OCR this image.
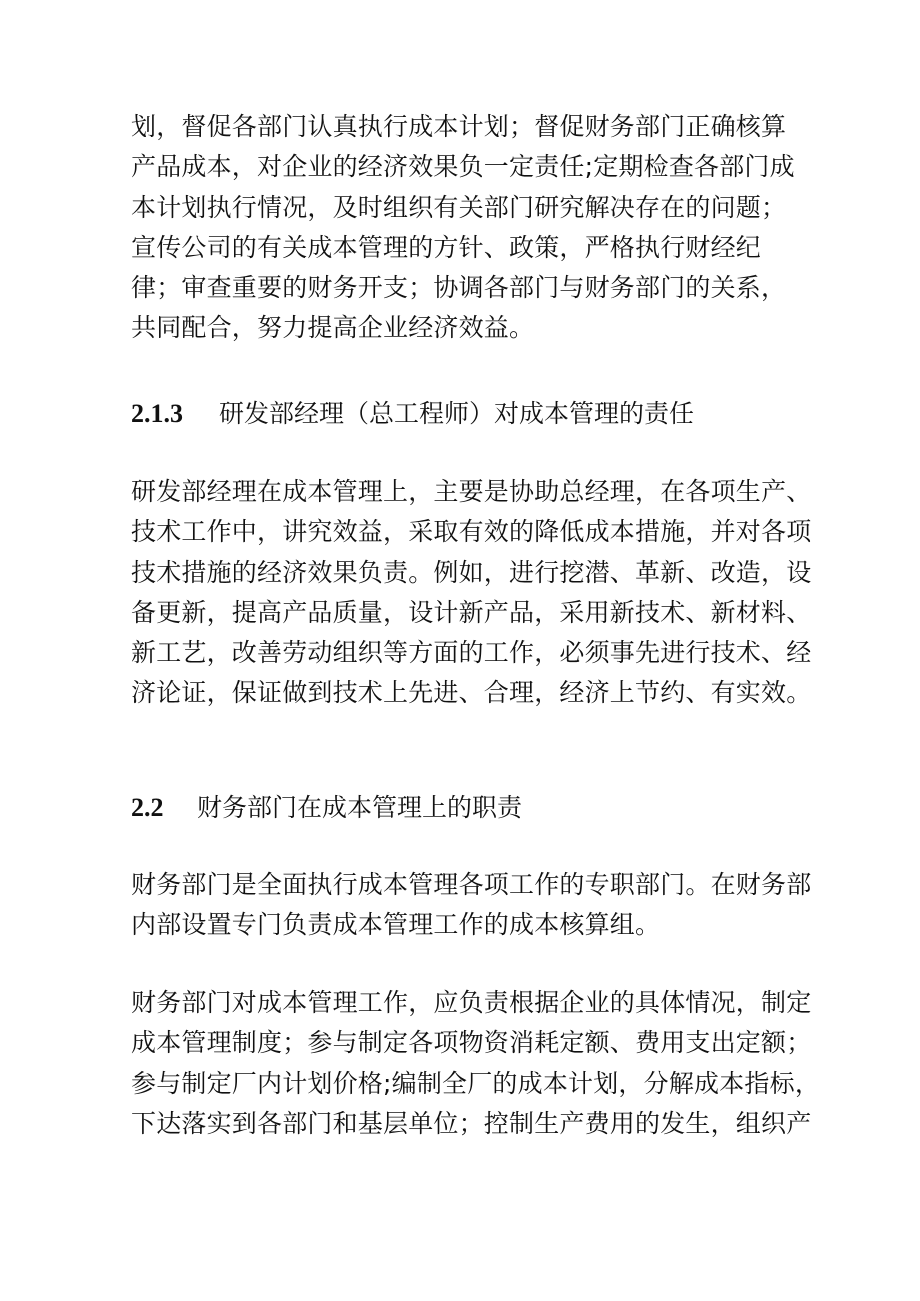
划，督促各部门认真执行成本计划；督促财务部门正确核算
产品成本，对企业的经济效果负一定责任;定期检查各部门成
本计划执行情况，及时组织有关部门研究解决存在的问题；
宣传公司的有关成本管理的方针、政策，严格执行财经纪
律；审查重要的财务开支；协调各部门与财务部门的关系，
共同配合，努力提高企业经济效益。
2.1.3 研发部经理（总工程师）对成本管理的责任
研发部经理在成本管理上，主要是协助总经理，在各项生产、
技术工作中，讲究效益，采取有效的降低成本措施，并对各项
技术措施的经济效果负责。例如，进行挖潜、革新、改造，设
备更新，提高产品质量，设计新产品，采用新技术、新材料、
新工艺，改善劳动组织等方面的工作，必须事先进行技术、经
济论证，保证做到技术上先进、合理，经济上节约、有实效。
2.2 财务部门在成本管理上的职责
财务部门是全面执行成本管理各项工作的专职部门。在财务部
内部设置专门负责成本管理工作的成本核算组。
财务部门对成本管理工作，应负责根据企业的具体情况，制定
成本管理制度；参与制定各项物资消耗定额、费用支出定额；
参与制定厂内计划价格;编制全厂的成本计划，分解成本指标，
下达落实到各部门和基层单位；控制生产费用的发生，组织产
